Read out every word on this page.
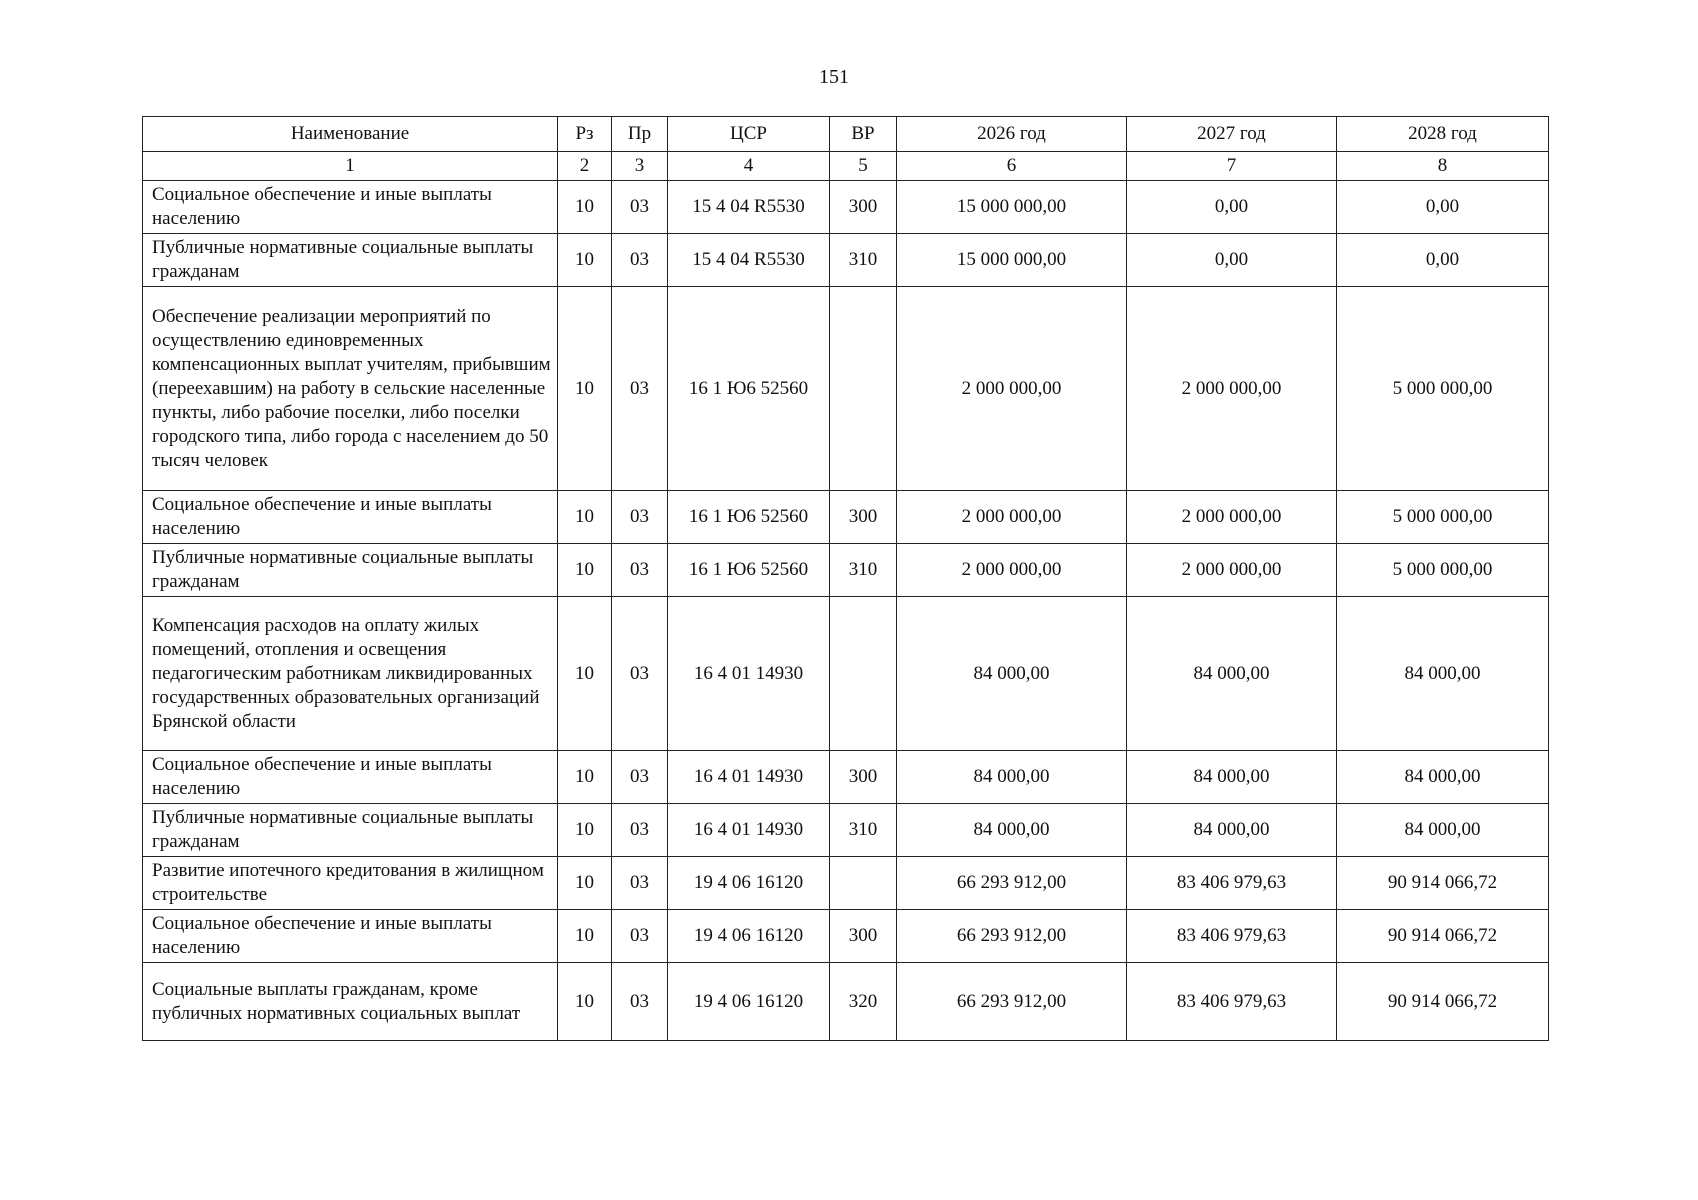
151
Наименование	Рз	Пр	ЦСР	ВР	2026 год	2027 год	2028 год
1	2	3	4	5	6	7	8
Социальное обеспечение и иные выплаты населению	10	03	15 4 04 R5530	300	15 000 000,00	0,00	0,00
Публичные нормативные социальные выплаты гражданам	10	03	15 4 04 R5530	310	15 000 000,00	0,00	0,00
Обеспечение реализации мероприятий по осуществлению единовременных компенсационных выплат учителям, прибывшим (переехавшим) на работу в сельские населенные пункты, либо рабочие поселки, либо поселки городского типа, либо города с населением до 50 тысяч человек	10	03	16 1 Ю6 52560		2 000 000,00	2 000 000,00	5 000 000,00
Социальное обеспечение и иные выплаты населению	10	03	16 1 Ю6 52560	300	2 000 000,00	2 000 000,00	5 000 000,00
Публичные нормативные социальные выплаты гражданам	10	03	16 1 Ю6 52560	310	2 000 000,00	2 000 000,00	5 000 000,00
Компенсация расходов на оплату жилых помещений, отопления и освещения педагогическим работникам ликвидированных государственных образовательных организаций Брянской области	10	03	16 4 01 14930		84 000,00	84 000,00	84 000,00
Социальное обеспечение и иные выплаты населению	10	03	16 4 01 14930	300	84 000,00	84 000,00	84 000,00
Публичные нормативные социальные выплаты гражданам	10	03	16 4 01 14930	310	84 000,00	84 000,00	84 000,00
Развитие ипотечного кредитования в жилищном строительстве	10	03	19 4 06 16120		66 293 912,00	83 406 979,63	90 914 066,72
Социальное обеспечение и иные выплаты населению	10	03	19 4 06 16120	300	66 293 912,00	83 406 979,63	90 914 066,72
Социальные выплаты гражданам, кроме публичных нормативных социальных выплат	10	03	19 4 06 16120	320	66 293 912,00	83 406 979,63	90 914 066,72
